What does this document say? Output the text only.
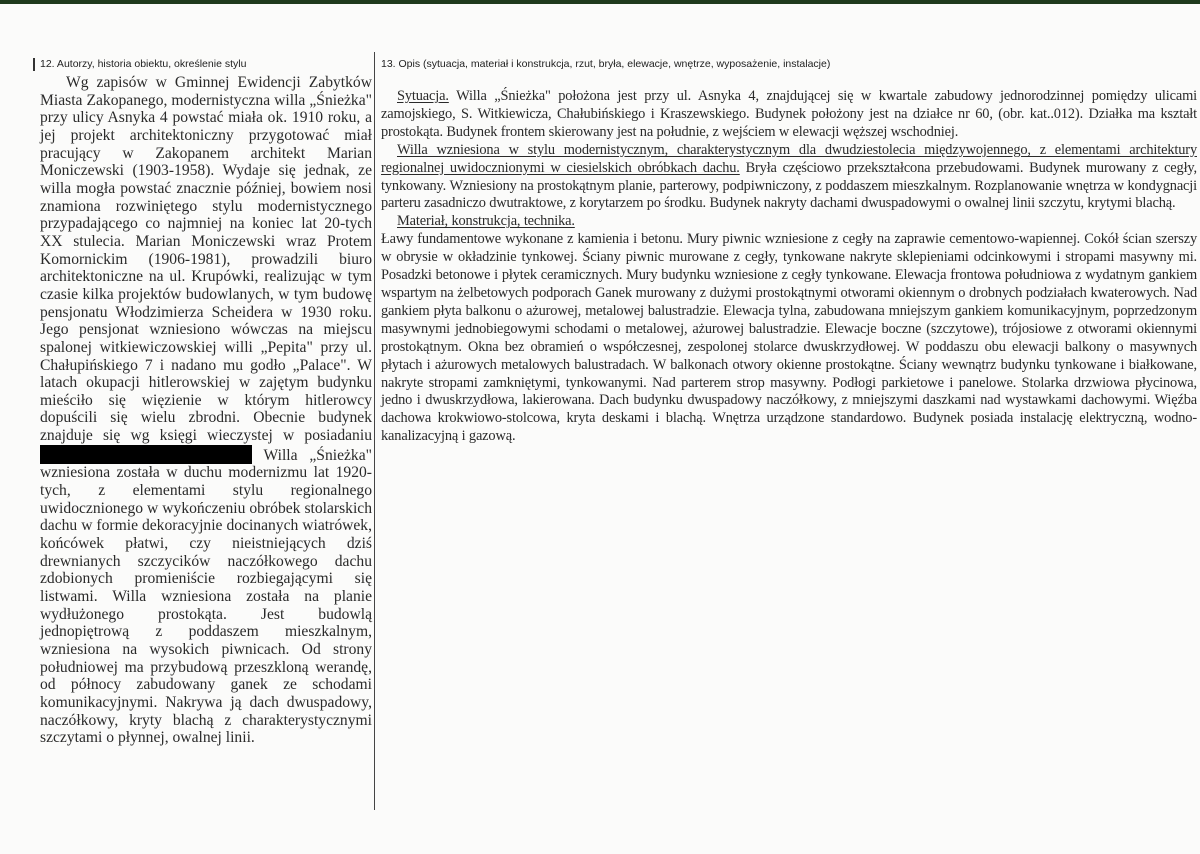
12. Autorzy, historia obiektu, określenie stylu

Wg zapisów w Gminnej Ewidencji Zabytków Miasta Zakopanego, modernistyczna willa „Śnieżka" przy ulicy Asnyka 4 powstać miała ok. 1910 roku, a jej projekt architektoniczny przygotować miał pracujący w Zakopanem architekt Marian Moniczewski (1903-1958). Wydaje się jednak, ze willa mogła powstać znacznie później, bowiem nosi znamiona rozwiniętego stylu modernistycznego przypadającego co najmniej na koniec lat 20-tych XX stulecia. Marian Moniczewski wraz Protem Komornickim (1906-1981), prowadzili biuro architektoniczne na ul. Krupówki, realizując w tym czasie kilka projektów budowlanych, w tym budowę pensjonatu Włodzimierza Scheidera w 1930 roku. Jego pensjonat wzniesiono wówczas na miejscu spalonej witkiewiczowskiej willi „Pepita" przy ul. Chałupińskiego 7 i nadano mu godło „Palace". W latach okupacji hitlerowskiej w zajętym budynku mieściło się więzienie w którym hitlerowcy dopuścili się wielu zbrodni. Obecnie budynek znajduje się wg księgi wieczystej w posiadaniu  Willa „Śnieżka" wzniesiona została w duchu modernizmu lat 1920-tych, z elementami stylu regionalnego uwidocznionego w wykończeniu obróbek stolarskich dachu w formie dekoracyjnie docinanych wiatrówek, końcówek płatwi, czy nieistniejących dziś drewnianych szczycików naczółkowego dachu zdobionych promieniście rozbiegającymi się listwami. Willa wzniesiona została na planie wydłużonego prostokąta. Jest budowlą jednopiętrową z poddaszem mieszkalnym, wzniesiona na wysokich piwnicach. Od strony południowej ma przybudową przeszkloną werandę, od północy zabudowany ganek ze schodami komunikacyjnymi. Nakrywa ją dach dwuspadowy, naczółkowy, kryty blachą z charakterystycznymi szczytami o płynnej, owalnej linii.

13. Opis (sytuacja, materiał i konstrukcja, rzut, bryła, elewacje, wnętrze, wyposażenie, instalacje)

Sytuacja. Willa „Śnieżka" położona jest przy ul. Asnyka 4, znajdującej się w kwartale zabudowy jednorodzinnej pomiędzy ulicami zamojskiego, S. Witkiewicza, Chałubińskiego i Kraszewskiego. Budynek położony jest na działce nr 60, (obr. kat..012). Działka ma kształt prostokąta. Budynek frontem skierowany jest na południe, z wejściem w elewacji węższej wschodniej.

Willa wzniesiona w stylu modernistycznym, charakterystycznym dla dwudziestolecia międzywojennego, z elementami architektury regionalnej uwidocznionymi w ciesielskich obróbkach dachu. Bryła częściowo przekształcona przebudowami. Budynek murowany z cegły, tynkowany. Wzniesiony na prostokątnym planie, parterowy, podpiwniczony, z poddaszem mieszkalnym. Rozplanowanie wnętrza w kondygnacji parteru zasadniczo dwutraktowe, z korytarzem po środku. Budynek nakryty dachami dwuspadowymi o owalnej linii szczytu, krytymi blachą.

Materiał, konstrukcja, technika.

Ławy fundamentowe wykonane z kamienia i betonu. Mury piwnic wzniesione z cegły na zaprawie cementowo-wapiennej. Cokół ścian szerszy w obrysie w okładzinie tynkowej. Ściany piwnic murowane z cegły, tynkowane nakryte sklepieniami odcinkowymi i stropami masywny mi. Posadzki betonowe i płytek ceramicznych. Mury budynku wzniesione z cegły tynkowane. Elewacja frontowa południowa z wydatnym gankiem wspartym na żelbetowych podporach Ganek murowany z dużymi prostokątnymi otworami okiennym o drobnych podziałach kwaterowych. Nad gankiem płyta balkonu o ażurowej, metalowej balustradzie. Elewacja tylna, zabudowana mniejszym gankiem komunikacyjnym, poprzedzonym masywnymi jednobiegowymi schodami o metalowej, ażurowej balustradzie. Elewacje boczne (szczytowe), trójosiowe z otworami okiennymi prostokątnym. Okna bez obramień o współczesnej, zespolonej stolarce dwuskrzydłowej. W poddaszu obu elewacji balkony o masywnych płytach i ażurowych metalowych balustradach. W balkonach otwory okienne prostokątne. Ściany wewnątrz budynku tynkowane i białkowane, nakryte stropami zamkniętymi, tynkowanymi. Nad parterem strop masywny. Podłogi parkietowe i panelowe. Stolarka drzwiowa płycinowa, jedno i dwuskrzydłowa, lakierowana. Dach budynku dwuspadowy naczółkowy, z mniejszymi daszkami nad wystawkami dachowymi. Więźba dachowa krokwiowo-stolcowa, kryta deskami i blachą. Wnętrza urządzone standardowo. Budynek posiada instalację elektryczną, wodno-kanalizacyjną i gazową.
